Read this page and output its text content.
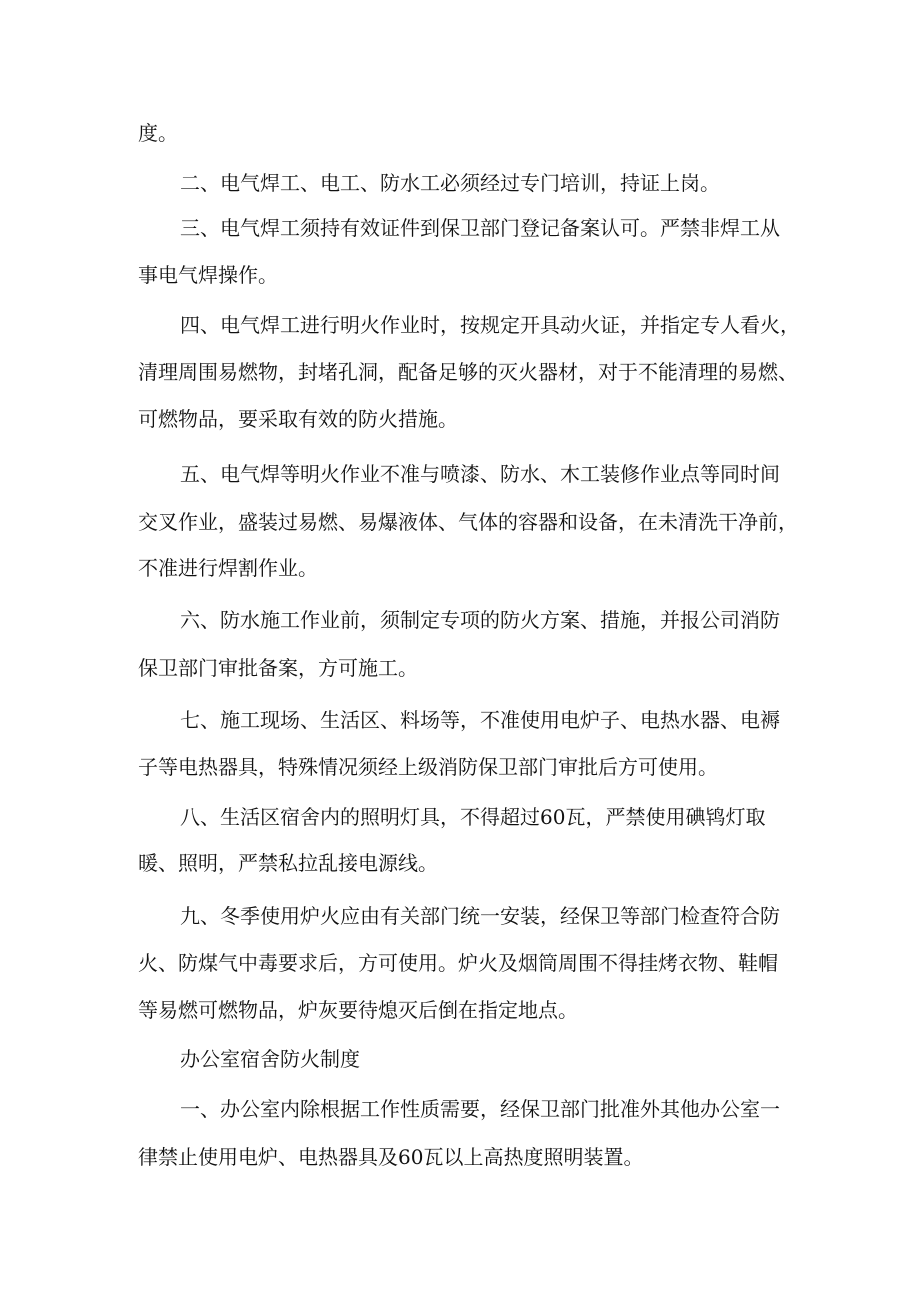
度。
二、电气焊工、电工、防水工必须经过专门培训，持证上岗。
三、电气焊工须持有效证件到保卫部门登记备案认可。严禁非焊工从
事电气焊操作。
四、电气焊工进行明火作业时，按规定开具动火证，并指定专人看火，
清理周围易燃物，封堵孔洞，配备足够的灭火器材，对于不能清理的易燃、
可燃物品，要采取有效的防火措施。
五、电气焊等明火作业不准与喷漆、防水、木工装修作业点等同时间
交叉作业，盛装过易燃、易爆液体、气体的容器和设备，在未清洗干净前，
不准进行焊割作业。
六、防水施工作业前，须制定专项的防火方案、措施，并报公司消防
保卫部门审批备案，方可施工。
七、施工现场、生活区、料场等，不准使用电炉子、电热水器、电褥
子等电热器具，特殊情况须经上级消防保卫部门审批后方可使用。
八、生活区宿舍内的照明灯具，不得超过60瓦，严禁使用碘鸨灯取
暖、照明，严禁私拉乱接电源线。
九、冬季使用炉火应由有关部门统一安装，经保卫等部门检查符合防
火、防煤气中毒要求后，方可使用。炉火及烟筒周围不得挂烤衣物、鞋帽
等易燃可燃物品，炉灰要待熄灭后倒在指定地点。
办公室宿舍防火制度
一、办公室内除根据工作性质需要，经保卫部门批准外其他办公室一
律禁止使用电炉、电热器具及60瓦以上高热度照明装置。
